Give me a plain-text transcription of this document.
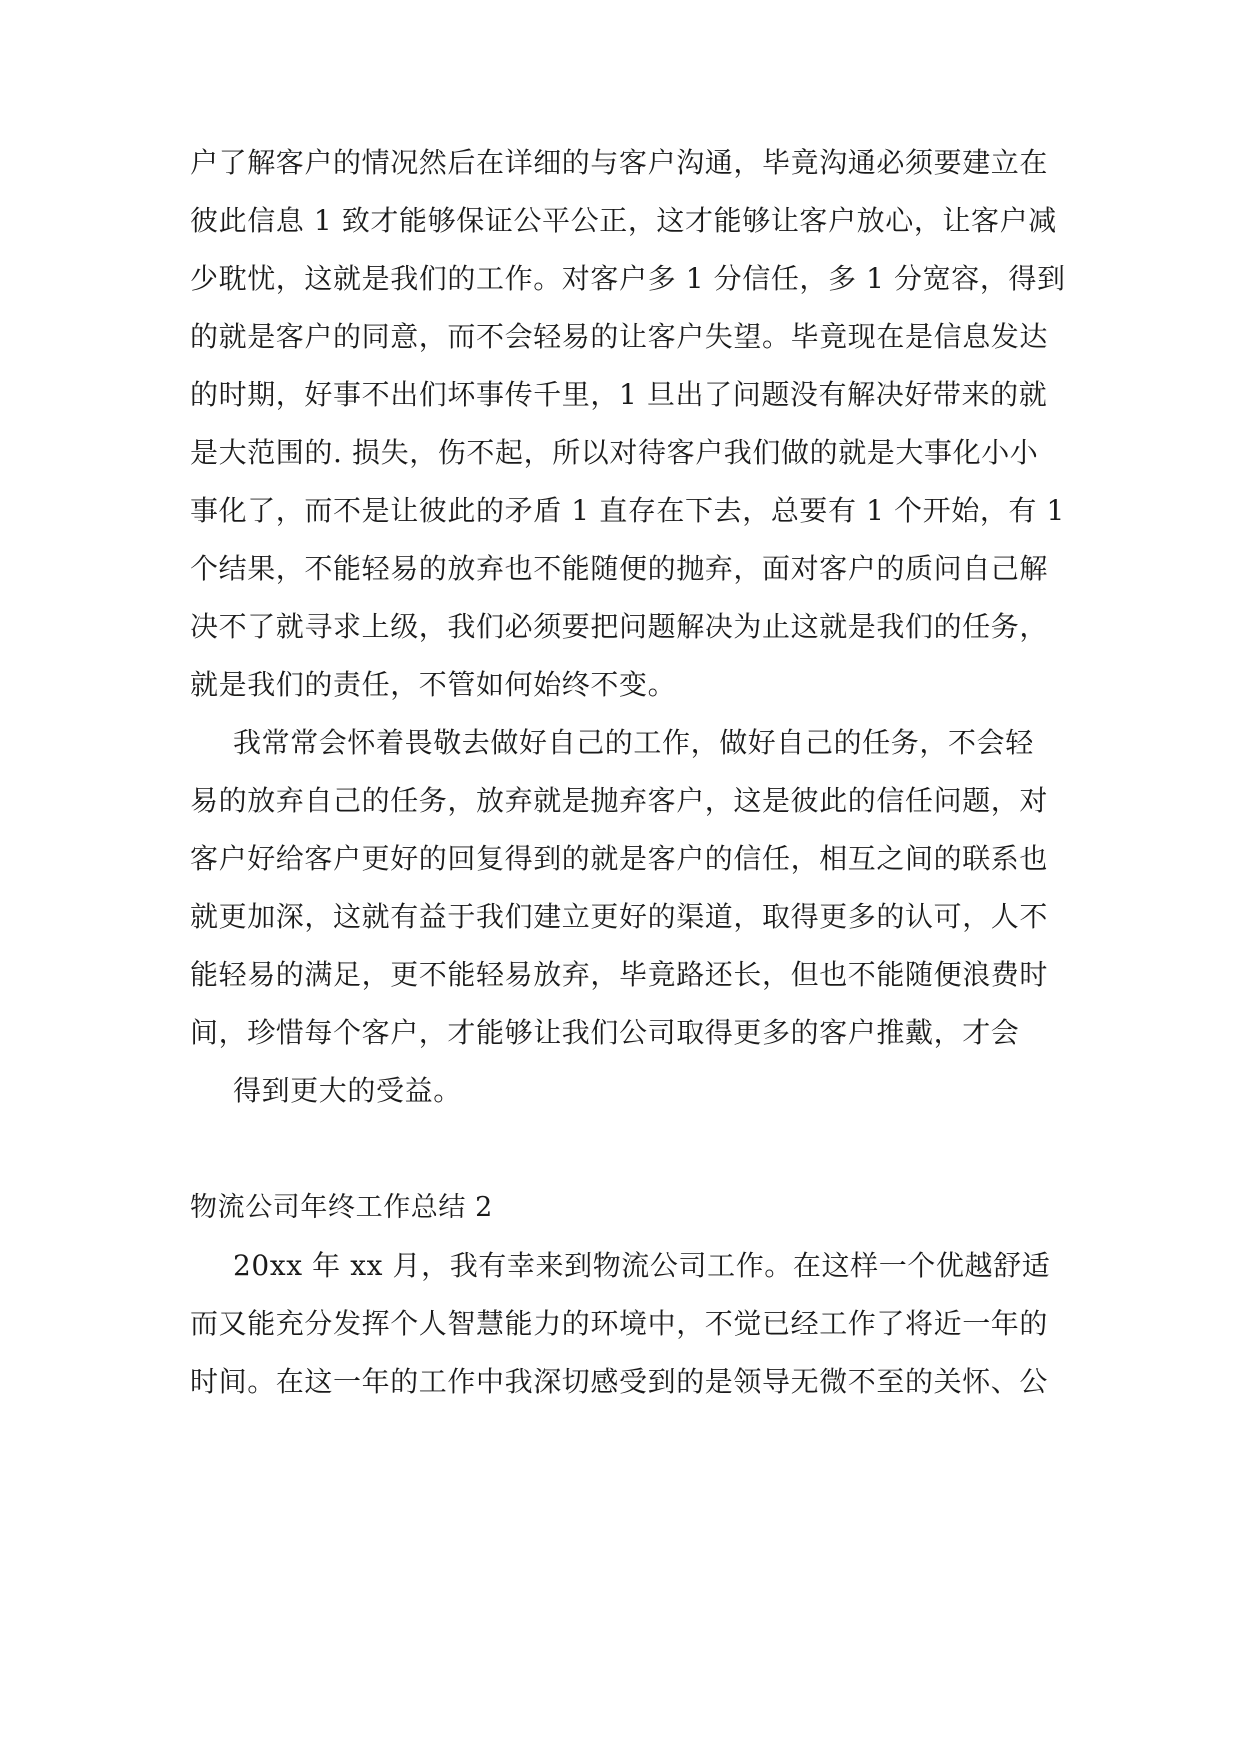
户了解客户的情况然后在详细的与客户沟通，毕竟沟通必须要建立在
彼此信息 1 致才能够保证公平公正，这才能够让客户放心，让客户减
少耽忧，这就是我们的工作。对客户多 1 分信任，多 1 分宽容，得到
的就是客户的同意，而不会轻易的让客户失望。毕竟现在是信息发达
的时期，好事不出们坏事传千里，1 旦出了问题没有解决好带来的就
是大范围的. 损失，伤不起，所以对待客户我们做的就是大事化小小
事化了，而不是让彼此的矛盾 1 直存在下去，总要有 1 个开始，有 1
个结果，不能轻易的放弃也不能随便的抛弃，面对客户的质问自己解
决不了就寻求上级，我们必须要把问题解决为止这就是我们的任务，
就是我们的责任，不管如何始终不变。
我常常会怀着畏敬去做好自己的工作，做好自己的任务，不会轻
易的放弃自己的任务，放弃就是抛弃客户，这是彼此的信任问题，对
客户好给客户更好的回复得到的就是客户的信任，相互之间的联系也
就更加深，这就有益于我们建立更好的渠道，取得更多的认可，人不
能轻易的满足，更不能轻易放弃，毕竟路还长，但也不能随便浪费时
间，珍惜每个客户，才能够让我们公司取得更多的客户推戴，才会
得到更大的受益。
物流公司年终工作总结 2
20xx 年 xx 月，我有幸来到物流公司工作。在这样一个优越舒适
而又能充分发挥个人智慧能力的环境中，不觉已经工作了将近一年的
时间。在这一年的工作中我深切感受到的是领导无微不至的关怀、公
